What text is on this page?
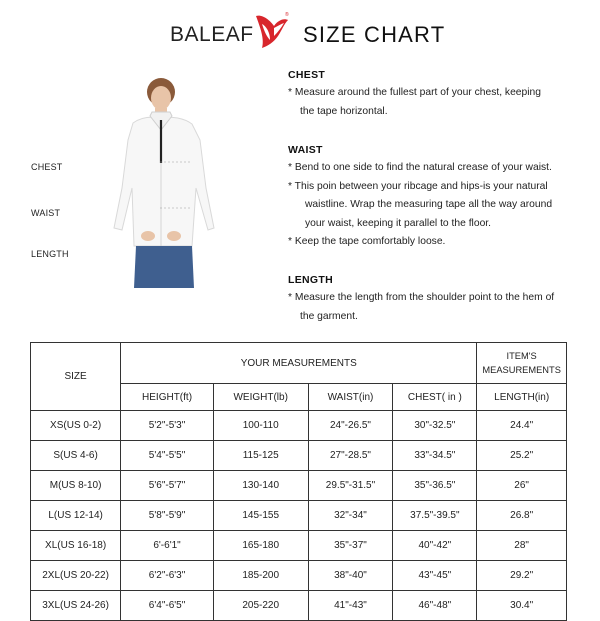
BALEAF
®
SIZE CHART
CHEST
WAIST
LENGTH
CHEST
* Measure around the fullest part of your chest, keeping
the tape horizontal.
WAIST
* Bend to one side to find the natural crease of your waist.
* This poin between your ribcage and hips-is your natural
waistline. Wrap the measuring tape all the way around
your waist, keeping it parallel to the floor.
* Keep the tape comfortably loose.
LENGTH
* Measure the length from the shoulder point to the hem of
the garment.
SIZE	YOUR MEASUREMENTS				ITEM'S
MEASUREMENTS
	HEIGHT(ft)	WEIGHT(lb)	WAIST(in)	CHEST( in )	LENGTH(in)
XS(US 0-2)	5'2"-5'3"	100-110	24"-26.5"	30"-32.5"	24.4"
S(US 4-6)	5'4"-5'5"	115-125	27"-28.5"	33"-34.5"	25.2"
M(US 8-10)	5'6"-5'7"	130-140	29.5"-31.5"	35"-36.5"	26"
L(US 12-14)	5'8"-5'9"	145-155	32"-34"	37.5"-39.5"	26.8"
XL(US 16-18)	6'-6'1"	165-180	35"-37"	40"-42"	28"
2XL(US 20-22)	6'2"-6'3"	185-200	38"-40"	43"-45"	29.2"
3XL(US 24-26)	6'4"-6'5"	205-220	41"-43"	46"-48"	30.4"
